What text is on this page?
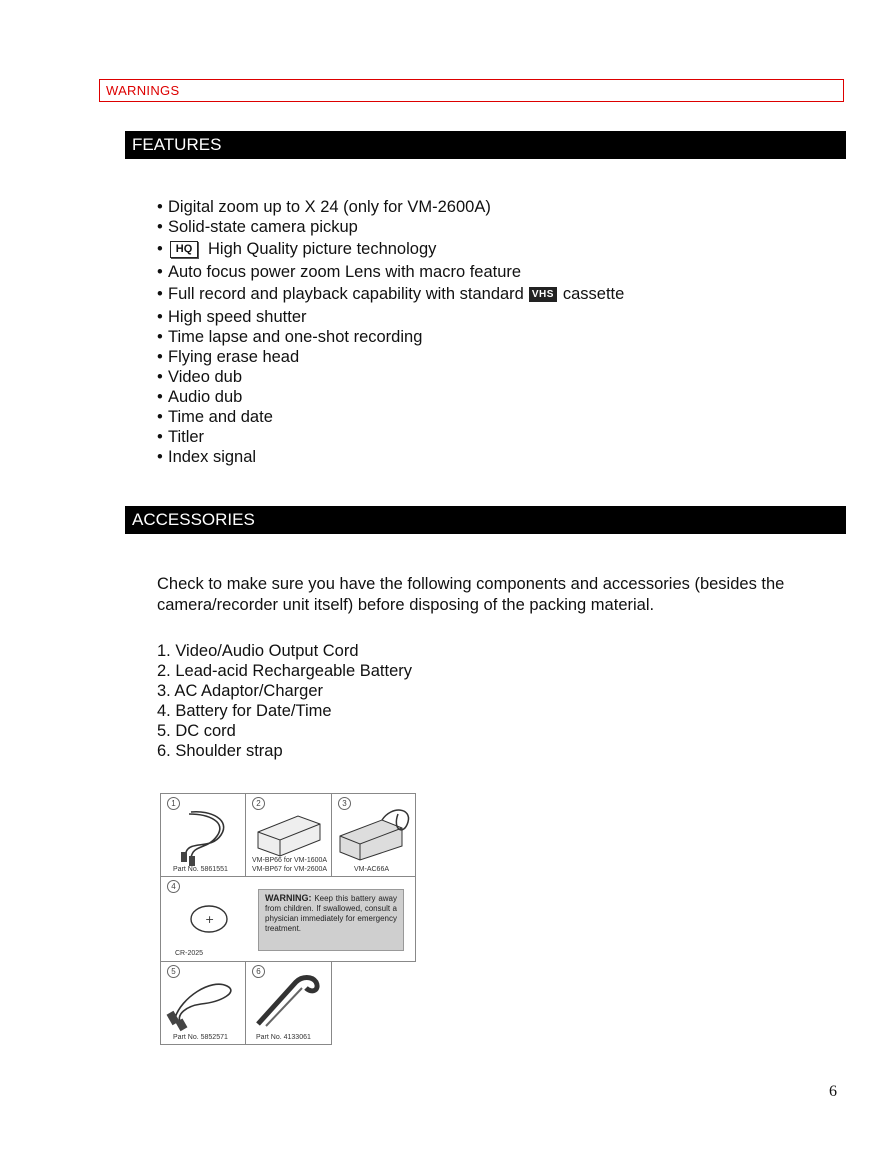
WARNINGS
FEATURES
• Digital zoom up to X 24 (only for VM-2600A)
• Solid-state camera pickup
• HQ High Quality picture technology
• Auto focus power zoom Lens with macro feature
• Full record and playback capability with standard VHS cassette
• High speed shutter
• Time lapse and one-shot recording
• Flying erase head
• Video dub
• Audio dub
• Time and date
• Titler
• Index signal
ACCESSORIES

Check to make sure you have the following components and accessories (besides the camera/recorder unit itself) before disposing of the packing material.

1. Video/Audio Output Cord
2. Lead-acid Rechargeable Battery
3. AC Adaptor/Charger
4. Battery for Date/Time
5. DC cord
6. Shoulder strap
1
Part No. 5861551
2
VM-BP66 for VM-1600A
VM-BP67 for VM-2600A
3
VM-AC66A
4
+
CR-2025
WARNING: Keep this battery away from children. If swallowed, consult a physician immediately for emergency treatment.
5
Part No. 5852571
6
Part No. 4133061
6
